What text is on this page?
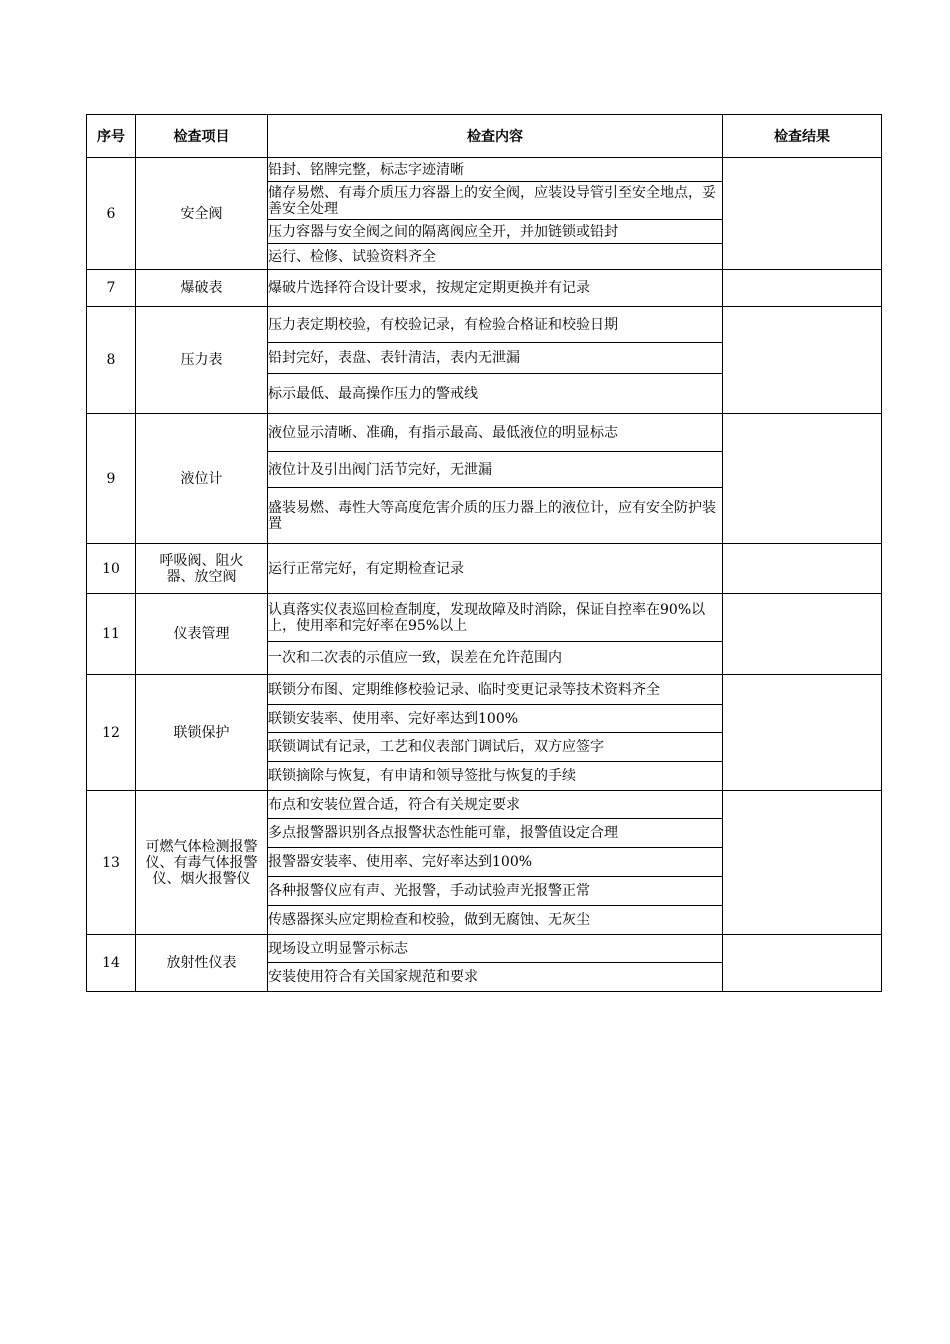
序号	检查项目	检查内容	检查结果
6	安全阀	铅封、铭牌完整，标志字迹清晰	
		储存易燃、有毒介质压力容器上的安全阀，应装设导管引至安全地点，妥善安全处理	
		压力容器与安全阀之间的隔离阀应全开，并加链锁或铅封	
		运行、检修、试验资料齐全	
7	爆破表	爆破片选择符合设计要求，按规定定期更换并有记录	
8	压力表	压力表定期校验，有校验记录，有检验合格证和校验日期	
		铅封完好，表盘、表针清洁，表内无泄漏	
		标示最低、最高操作压力的警戒线	
9	液位计	液位显示清晰、准确，有指示最高、最低液位的明显标志	
		液位计及引出阀门活节完好，无泄漏	
		盛装易燃、毒性大等高度危害介质的压力器上的液位计，应有安全防护装置	
10	呼吸阀、阻火器、放空阀	运行正常完好，有定期检查记录	
11	仪表管理	认真落实仪表巡回检查制度，发现故障及时消除，保证自控率在90%以上，使用率和完好率在95%以上	
		一次和二次表的示值应一致，误差在允许范围内	
12	联锁保护	联锁分布图、定期维修校验记录、临时变更记录等技术资料齐全	
		联锁安装率、使用率、完好率达到100%	
		联锁调试有记录，工艺和仪表部门调试后，双方应签字	
		联锁摘除与恢复，有申请和领导签批与恢复的手续	
13	可燃气体检测报警仪、有毒气体报警仪、烟火报警仪	布点和安装位置合适，符合有关规定要求	
		多点报警器识别各点报警状态性能可靠，报警值设定合理	
		报警器安装率、使用率、完好率达到100%	
		各种报警仪应有声、光报警，手动试验声光报警正常	
		传感器探头应定期检查和校验，做到无腐蚀、无灰尘	
14	放射性仪表	现场设立明显警示标志	
		安装使用符合有关国家规范和要求	
